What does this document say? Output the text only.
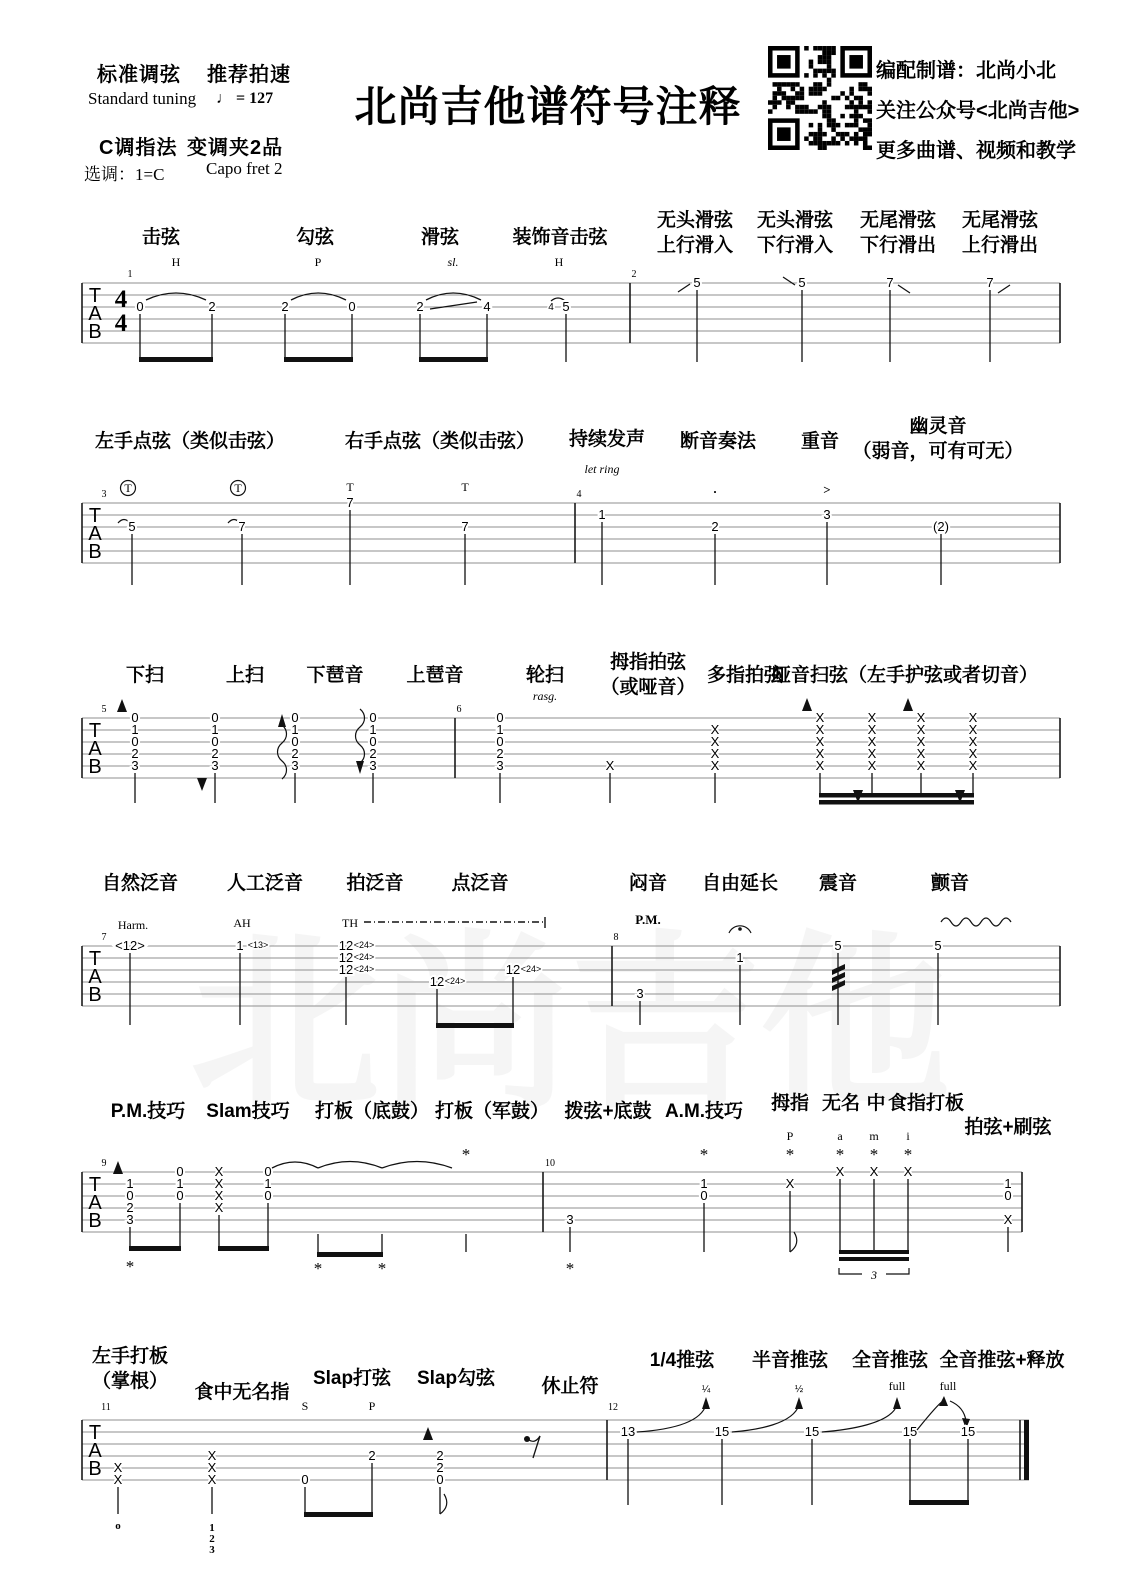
标准调弦 推荐拍速
Standard tuning ♩ = 127
C调指法 变调夹2品
选调：1=C Capo fret 2
北尚吉他谱符号注释
编配制谱：北尚小北
关注公众号<北尚吉他>
更多曲谱、视频和教学
T
A
B
4
4
1
击弦	勾弦	滑弦	装饰音击弦
无头滑弦
上行滑入
无头滑弦
下行滑入
无尾滑弦
下行滑出
无尾滑弦
上行滑出
H	P	sl.	H
0	2	2	0	2	4	4 5
2
5	5	7	7
T
A
B
3
左手点弦（类似击弦）	右手点弦（类似击弦） 持续发声
let ring
断音奏法 重音
幽灵音
（弱音，可有可无）
T
5
T
7
T
7
T
7
4
1
.
2
>
3
(2)
T
A
B
5
下扫	上扫 下琶音 上琶音	轮扫
rasg.
拇指拍弦
（或哑音）
多指拍弦
哑音扫弦（左手护弦或者切音）
0
1
0
2
3
0
1
0
2
3
0
1
0
2
3
0
1
0
2
3
6
0
1
0
2
3	X
X
X
X
X
X
X
X
X
X
X
X
X
X
X
X
X
X
X
X
X
X
X
X
X
T
A
B
7
自然泛音	人工泛音 拍泛音	点泛音	闷音 自由延长 震音	颤音
Harm.
<12>
AH
1 <13>
TH
12 <24>
12 <24>
12 <24>
12 <24>
12 <24>
8
P.M.
3
1
5	5
T
A
B
9
P.M.技巧 Slam技巧 打板（底鼓） 打板（军鼓） 拨弦+底鼓 A.M.技巧 拇指 无名 中 食指打板
拍弦+刷弦
P	a m i
*	* * * *
*
1
0
2
3
0
1
0
*
X
X
X
X
0
1
0
*	*
10
3
*
1
0
X
X X X
3
1
0
X
T
A
B
11
左手打板
（掌根）
食中无名指
Slap打弦 Slap勾弦 休止符
1/4推弦 半音推弦 全音推弦 全音推弦+释放
S	P
X
X
o
X
X
X
1
2
3
0
2	2
2
0
12
13
¼
15
½
15
full
15
full
15
